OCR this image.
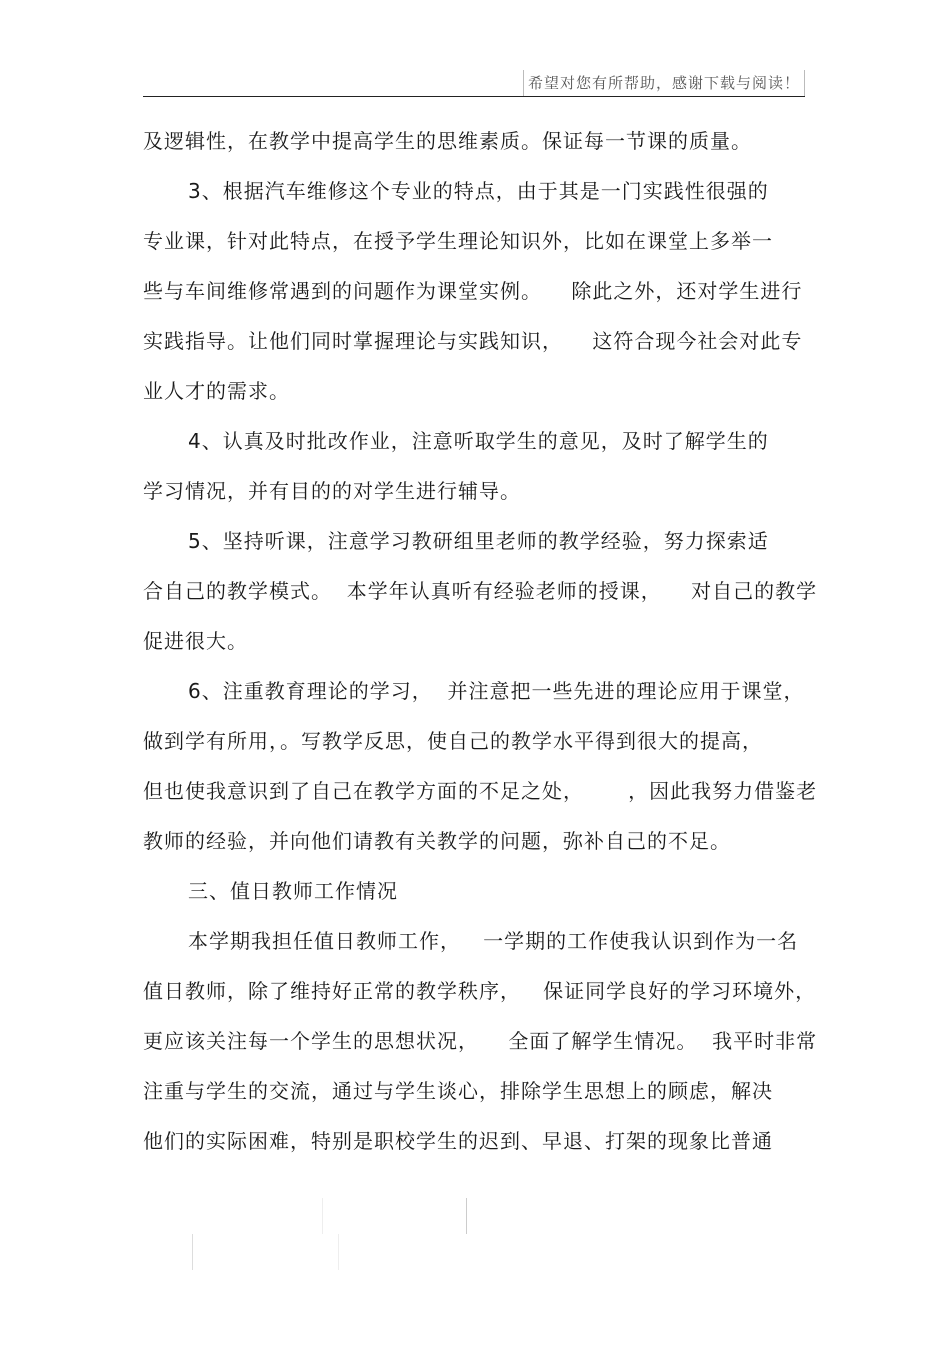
希望对您有所帮助，感谢下载与阅读！
及逻辑性，在教学中提高学生的思维素质。保证每一节课的质量。
3、根据汽车维修这个专业的特点，由于其是一门实践性很强的
专业课，针对此特点，在授予学生理论知识外，比如在课堂上多举一
些与车间维修常遇到的问题作为课堂实例。    除此之外，还对学生进行
实践指导。让他们同时掌握理论与实践知识，    这符合现今社会对此专
业人才的需求。
4、认真及时批改作业，注意听取学生的意见，及时了解学生的
学习情况，并有目的的对学生进行辅导。
5、坚持听课，注意学习教研组里老师的教学经验，努力探索适
合自己的教学模式。  本学年认真听有经验老师的授课，    对自己的教学
促进很大。
6、注重教育理论的学习，  并注意把一些先进的理论应用于课堂，
做到学有所用，。写教学反思，使自己的教学水平得到很大的提高，
但也使我意识到了自己在教学方面的不足之处，      ，因此我努力借鉴老
教师的经验，并向他们请教有关教学的问题，弥补自己的不足。
三、值日教师工作情况
本学期我担任值日教师工作，   一学期的工作使我认识到作为一名
值日教师，除了维持好正常的教学秩序，   保证同学良好的学习环境外，
更应该关注每一个学生的思想状况，    全面了解学生情况。  我平时非常
注重与学生的交流，通过与学生谈心，排除学生思想上的顾虑，解决
他们的实际困难，特别是职校学生的迟到、早退、打架的现象比普通
